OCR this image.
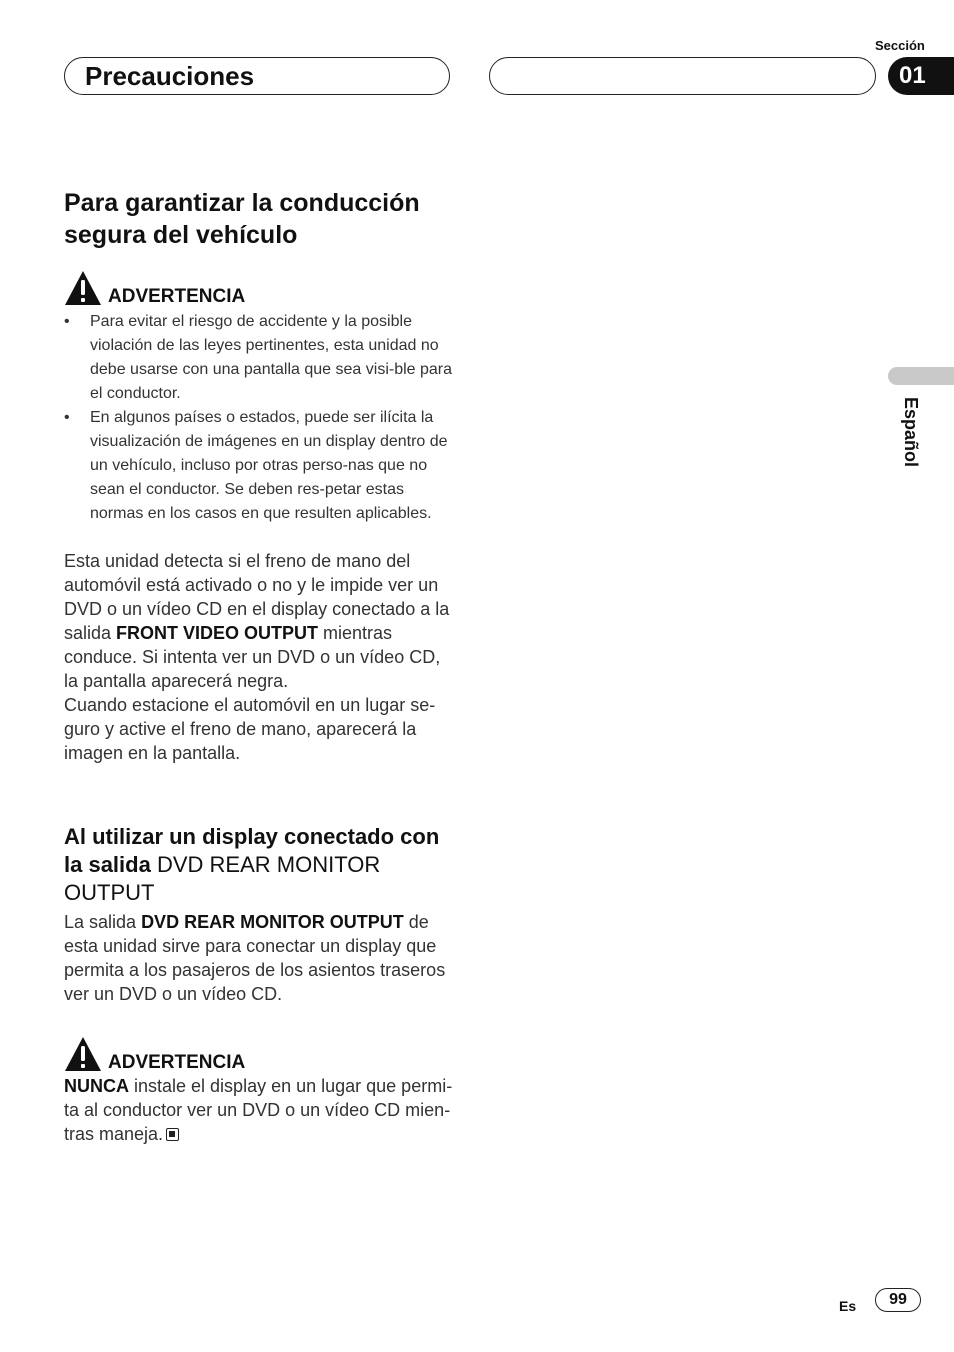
Precauciones
Sección
01
Español
Para garantizar la conducción
segura del vehículo
ADVERTENCIA
• Para evitar el riesgo de accidente y la posible violación de las leyes pertinentes, esta unidad no debe usarse con una pantalla que sea visi-ble para el conductor.
• En algunos países o estados, puede ser ilícita la visualización de imágenes en un display dentro de un vehículo, incluso por otras perso-nas que no sean el conductor. Se deben res-petar estas normas en los casos en que resulten aplicables.

Esta unidad detecta si el freno de mano del automóvil está activado o no y le impide ver un DVD o un vídeo CD en el display conectado a la salida FRONT VIDEO OUTPUT mientras conduce. Si intenta ver un DVD o un vídeo CD, la pantalla aparecerá negra.

Cuando estacione el automóvil en un lugar se-guro y active el freno de mano, aparecerá la imagen en la pantalla.

Al utilizar un display conectado con la salida DVD REAR MONITOR OUTPUT

La salida DVD REAR MONITOR OUTPUT de esta unidad sirve para conectar un display que permita a los pasajeros de los asientos traseros ver un DVD o un vídeo CD.

ADVERTENCIA

NUNCA instale el display en un lugar que permi-ta al conductor ver un DVD o un vídeo CD mien-tras maneja.

Es	99
